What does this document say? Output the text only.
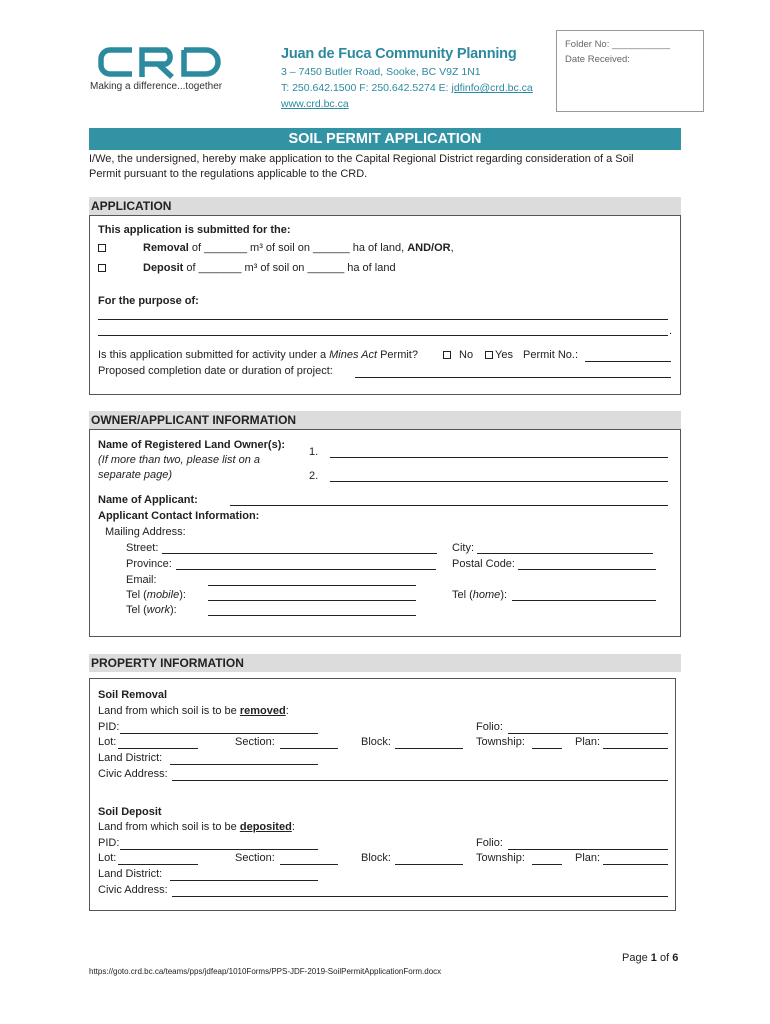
Making a difference...together
Juan de Fuca Community Planning
3 – 7450 Butler Road, Sooke, BC V9Z 1N1
T: 250.642.1500 F: 250.642.5274 E: jdfinfo@crd.bc.ca
www.crd.bc.ca
Folder No: ___________
Date Received:
SOIL PERMIT APPLICATION
I/We, the undersigned, hereby make application to the Capital Regional District regarding consideration of a Soil
Permit pursuant to the regulations applicable to the CRD.
APPLICATION
This application is submitted for the:
Removal of _______ m³ of soil on ______ ha of land, AND/OR,
Deposit of _______ m³ of soil on ______ ha of land
For the purpose of:
.
Is this application submitted for activity under a Mines Act Permit?	No Yes Permit No.:
Proposed completion date or duration of project:
OWNER/APPLICANT INFORMATION
Name of Registered Land Owner(s):
(If more than two, please list on a
separate page)
1.
2.
Name of Applicant:
Applicant Contact Information:
Mailing Address:
Street:	City:
Province:	Postal Code:
Email:
Tel (mobile):	Tel (home):
Tel (work):
PROPERTY INFORMATION
Soil Removal
Land from which soil is to be removed:
PID:	Folio:
Lot:	Section:	Block:	Township:	Plan:
Land District:
Civic Address:
Soil Deposit
Land from which soil is to be deposited:
PID:	Folio:
Lot:	Section:	Block:	Township:	Plan:
Land District:
Civic Address:
Page 1 of 6
https://goto.crd.bc.ca/teams/pps/jdfeap/1010Forms/PPS-JDF-2019-SoilPermitApplicationForm.docx
